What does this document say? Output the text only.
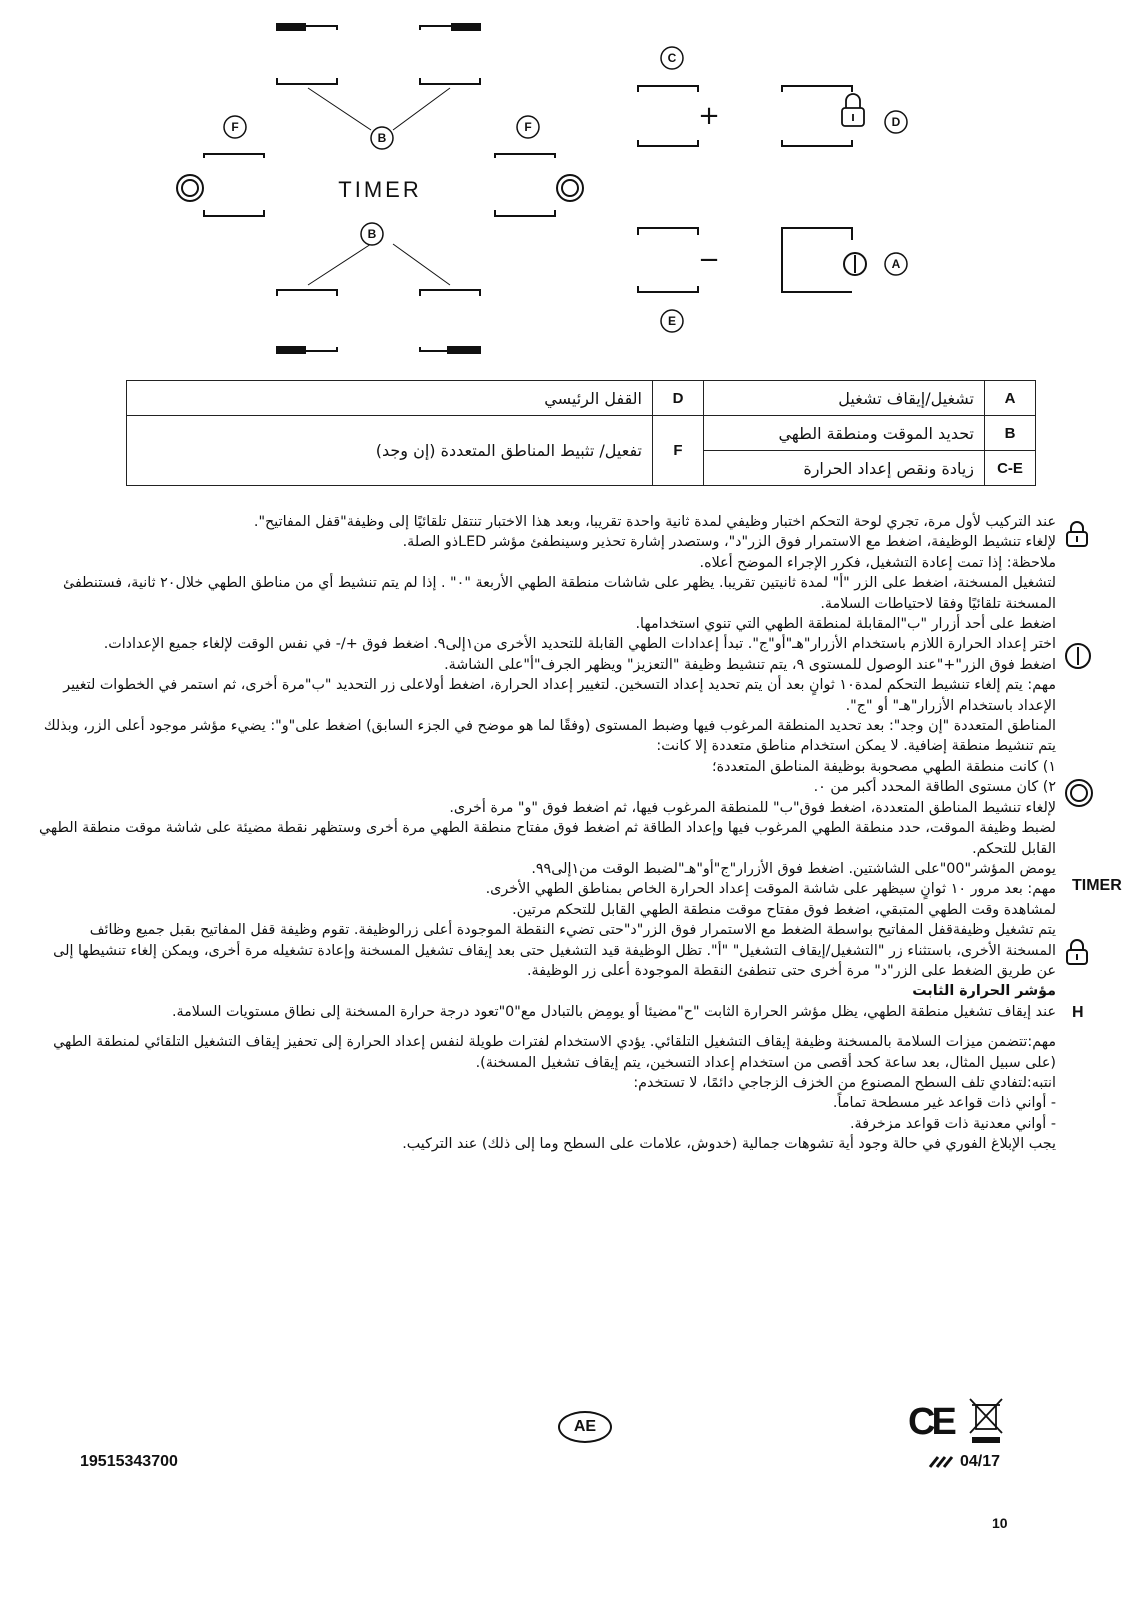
C
F
B
F	D
B
A
E
TIMER
+
−
A	تشغيل/إيقاف تشغيل	D	القفل الرئيسي
B	تحديد الموقت ومنطقة الطهي	F	تفعيل/ تثبيط المناطق المتعددة (إن وجد)
C-E	زيادة ونقص إعداد الحرارة		

عند التركيب لأول مرة، تجري لوحة التحكم اختبار وظيفي لمدة ثانية واحدة تقريبا، وبعد هذا الاختبار تنتقل تلقائيًا إلى وظيفة"قفل المفاتيح".

لإلغاء تنشيط الوظيفة، اضغط مع الاستمرار فوق الزر"د"، وستصدر إشارة تحذير وسينطفئ مؤشر LEDذو الصلة.

ملاحظة: إذا تمت إعادة التشغيل، فكرر الإجراء الموضح أعلاه.

لتشغيل المسخنة، اضغط على الزر "أ" لمدة ثانيتين تقريبا. يظهر على شاشات منطقة الطهي الأربعة "٠" . إذا لم يتم تنشيط أي من مناطق الطهي خلال٢٠ ثانية، فستنطفئ المسخنة تلقائيًا وفقا لاحتياطات السلامة.

اضغط على أحد أزرار "ب"المقابلة لمنطقة الطهي التي تنوي استخدامها.

اختر إعداد الحرارة اللازم باستخدام الأزرار"هـ"أو"ج". تبدأ إعدادات الطهي القابلة للتحديد الأخرى من١إلى٩. اضغط فوق +/- في نفس الوقت لإلغاء جميع الإعدادات.

اضغط فوق الزر"+"عند الوصول للمستوى ٩، يتم تنشيط وظيفة "التعزيز" ويظهر الجرف"أ"على الشاشة.

مهم: يتم إلغاء تنشيط التحكم لمدة١٠ ثوانٍ بعد أن يتم تحديد إعداد التسخين. لتغيير إعداد الحرارة، اضغط أولاعلى زر التحديد "ب"مرة أخرى، ثم استمر في الخطوات لتغيير الإعداد باستخدام الأزرار"هـ" أو "ج".

المناطق المتعددة "إن وجد": بعد تحديد المنطقة المرغوب فيها وضبط المستوى (وفقًا لما هو موضح في الجزء السابق) اضغط على"و": يضيء مؤشر موجود أعلى الزر، وبذلك يتم تنشيط منطقة إضافية. لا يمكن استخدام مناطق متعددة إلا كانت:

١) كانت منطقة الطهي مصحوبة بوظيفة المناطق المتعددة؛

٢) كان مستوى الطاقة المحدد أكبر من ٠.

لإلغاء تنشيط المناطق المتعددة، اضغط فوق"ب" للمنطقة المرغوب فيها، ثم اضغط فوق "و" مرة أخرى.

TIMER

لضبط وظيفة الموقت، حدد منطقة الطهي المرغوب فيها وإعداد الطاقة ثم اضغط فوق مفتاح منطقة الطهي مرة أخرى وستظهر نقطة مضيئة على شاشة موقت منطقة الطهي القابل للتحكم.

يومض المؤشر"00"على الشاشتين. اضغط فوق الأزرار"ج"أو"هـ"لضبط الوقت من١إلى٩٩.

مهم: بعد مرور ١٠ ثوانٍ سيظهر على شاشة الموقت إعداد الحرارة الخاص بمناطق الطهي الأخرى.

لمشاهدة وقت الطهي المتبقي، اضغط فوق مفتاح موقت منطقة الطهي القابل للتحكم مرتين.

يتم تشغيل وظيفةقفل المفاتيح بواسطة الضغط مع الاستمرار فوق الزر"د"حتى تضيء النقطة الموجودة أعلى زرالوظيفة. تقوم وظيفة قفل المفاتيح بقبل جميع وظائف المسخنة الأخرى، باستثناء زر "التشغيل/إيقاف التشغيل" "أ". تظل الوظيفة قيد التشغيل حتى بعد إيقاف تشغيل المسخنة وإعادة تشغيله مرة أخرى، ويمكن إلغاء تنشيطها إلى عن طريق الضغط على الزر"د" مرة أخرى حتى تنطفئ النقطة الموجودة أعلى زر الوظيفة.

H

مؤشر الحرارة الثابت

عند إيقاف تشغيل منطقة الطهي، يظل مؤشر الحرارة الثابت "ح"مضيئا أو يومِض بالتبادل مع"0"تعود درجة حرارة المسخنة إلى نطاق مستويات السلامة.

مهم:تتضمن ميزات السلامة بالمسخنة وظيفة إيقاف التشغيل التلقائي. يؤدي الاستخدام لفترات طويلة لنفس إعداد الحرارة إلى تحفيز إيقاف التشغيل التلقائي لمنطقة الطهي (على سبيل المثال، بعد ساعة كحد أقصى من استخدام إعداد التسخين، يتم إيقاف تشغيل المسخنة).

انتبه:لتفادي تلف السطح المصنوع من الخزف الزجاجي دائمًا، لا تستخدم:

- أواني ذات قواعد غير مسطحة تماماً.

- أواني معدنية ذات قواعد مزخرفة.

يجب الإبلاغ الفوري في حالة وجود أية تشوهات جمالية (خدوش، علامات على السطح وما إلى ذلك) عند التركيب.

19515343700
AE	CE
04/17
10
